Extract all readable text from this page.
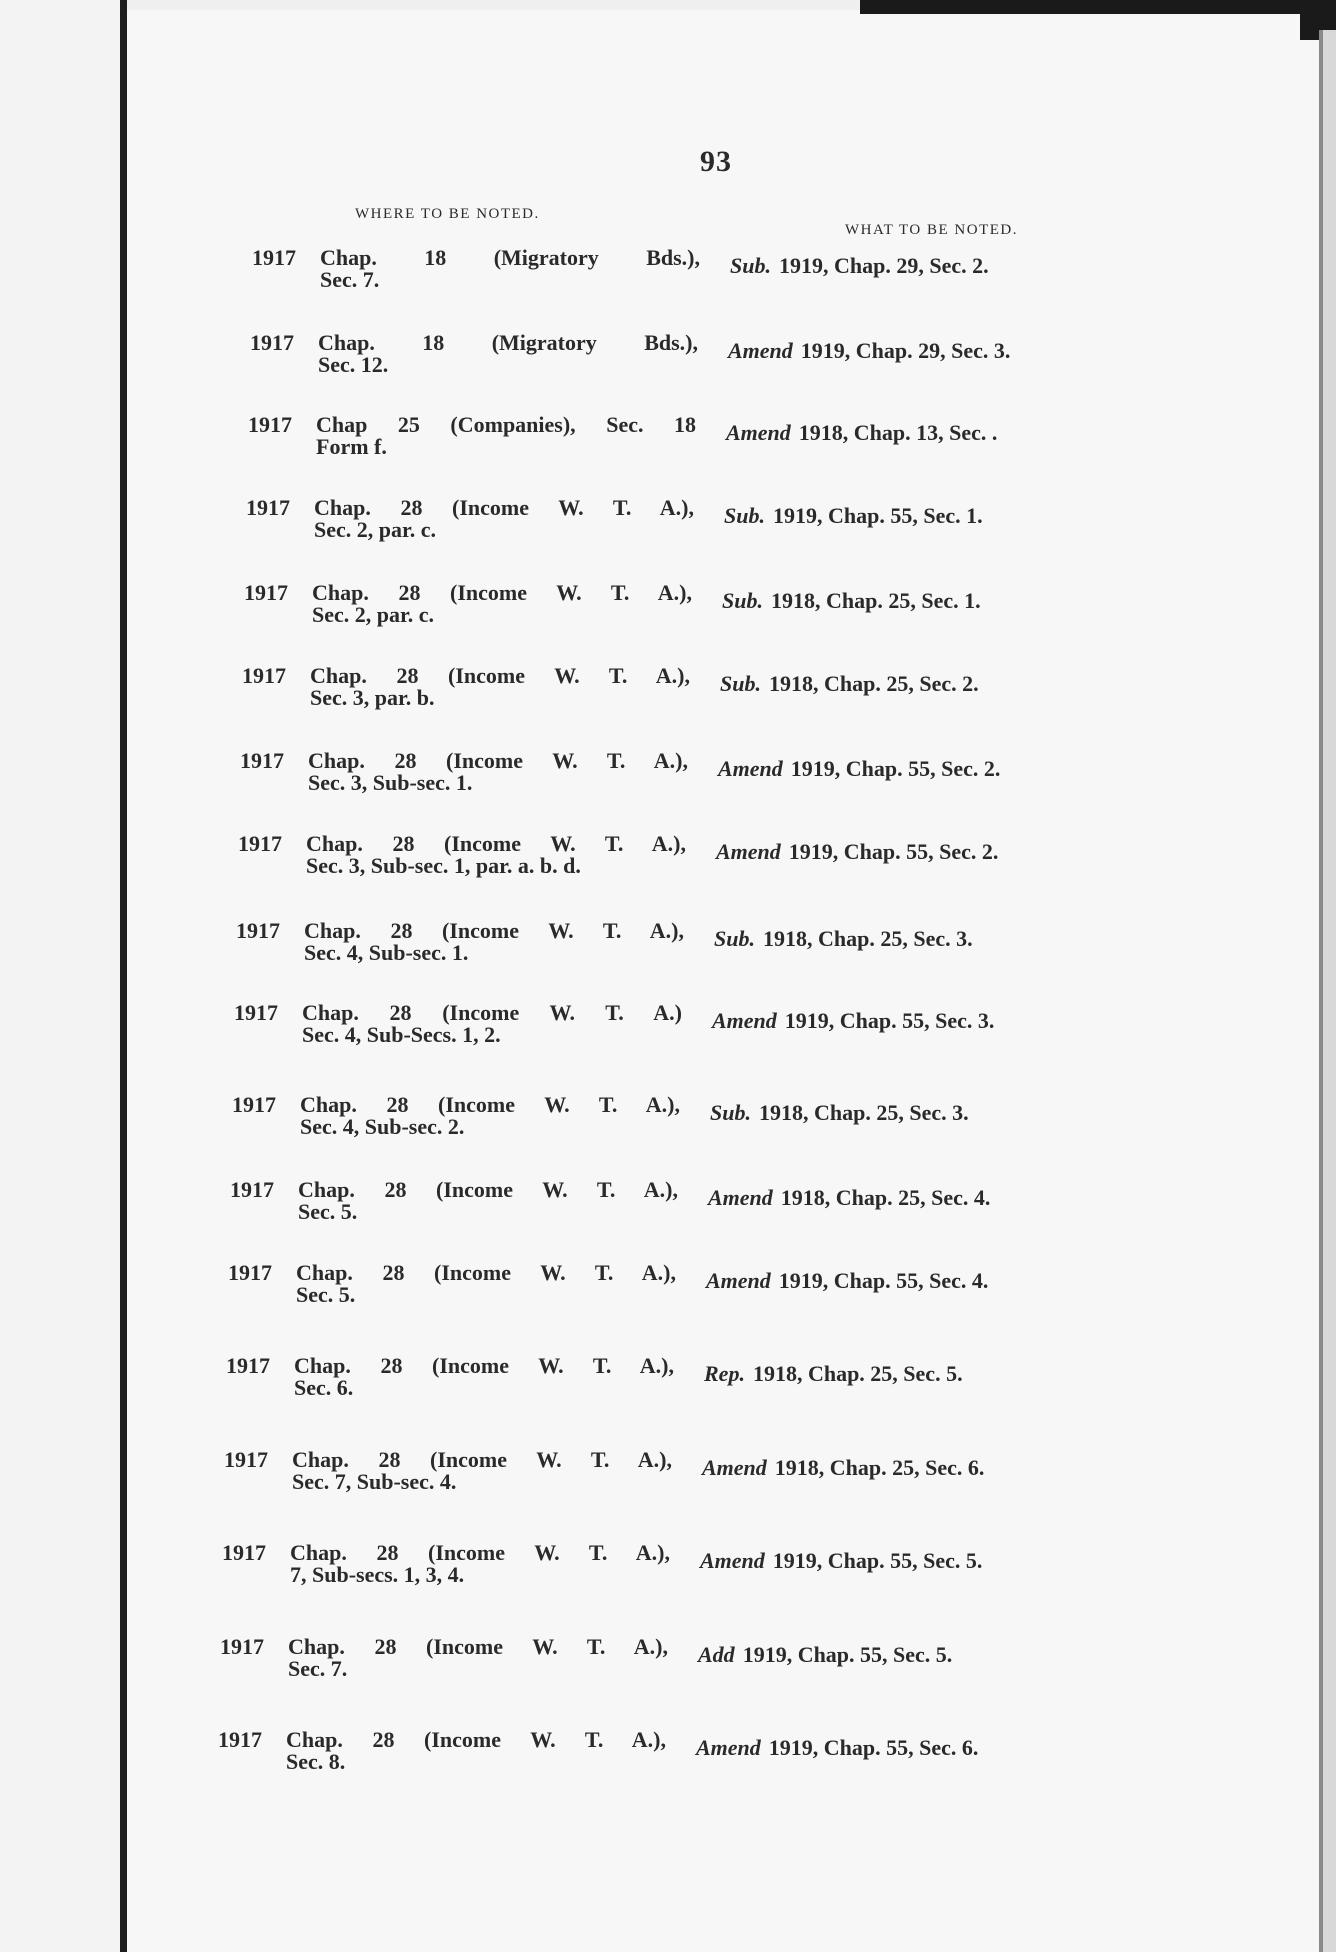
93
WHERE TO BE NOTED.
WHAT TO BE NOTED.
1917 Chap. 18 (Migratory Bds.),
Sec. 7.
Sub. 1919, Chap. 29, Sec. 2.
1917 Chap. 18 (Migratory Bds.),
Sec. 12.
Amend 1919, Chap. 29, Sec. 3.
1917 Chap 25 (Companies), Sec. 18
Form f.
Amend 1918, Chap. 13, Sec. .
1917 Chap. 28 (Income W. T. A.),
Sec. 2, par. c.
Sub. 1919, Chap. 55, Sec. 1.
1917 Chap. 28 (Income W. T. A.),
Sec. 2, par. c.
Sub. 1918, Chap. 25, Sec. 1.
1917 Chap. 28 (Income W. T. A.),
Sec. 3, par. b.
Sub. 1918, Chap. 25, Sec. 2.
1917 Chap. 28 (Income W. T. A.),
Sec. 3, Sub-sec. 1.
Amend 1919, Chap. 55, Sec. 2.
1917 Chap. 28 (Income W. T. A.),
Sec. 3, Sub-sec. 1, par. a. b. d.
Amend 1919, Chap. 55, Sec. 2.
1917 Chap. 28 (Income W. T. A.),
Sec. 4, Sub-sec. 1.
Sub. 1918, Chap. 25, Sec. 3.
1917 Chap. 28 (Income W. T. A.)
Sec. 4, Sub-Secs. 1, 2.
Amend 1919, Chap. 55, Sec. 3.
1917 Chap. 28 (Income W. T. A.),
Sec. 4, Sub-sec. 2.
Sub. 1918, Chap. 25, Sec. 3.
1917 Chap. 28 (Income W. T. A.),
Sec. 5.
Amend 1918, Chap. 25, Sec. 4.
1917 Chap. 28 (Income W. T. A.),
Sec. 5.
Amend 1919, Chap. 55, Sec. 4.
1917 Chap. 28 (Income W. T. A.),
Sec. 6.
Rep. 1918, Chap. 25, Sec. 5.
1917 Chap. 28 (Income W. T. A.),
Sec. 7, Sub-sec. 4.
Amend 1918, Chap. 25, Sec. 6.
1917 Chap. 28 (Income W. T. A.),
7, Sub-secs. 1, 3, 4.
Amend 1919, Chap. 55, Sec. 5.
1917 Chap. 28 (Income W. T. A.),
Sec. 7.
Add 1919, Chap. 55, Sec. 5.
1917 Chap. 28 (Income W. T. A.),
Sec. 8.
Amend 1919, Chap. 55, Sec. 6.
